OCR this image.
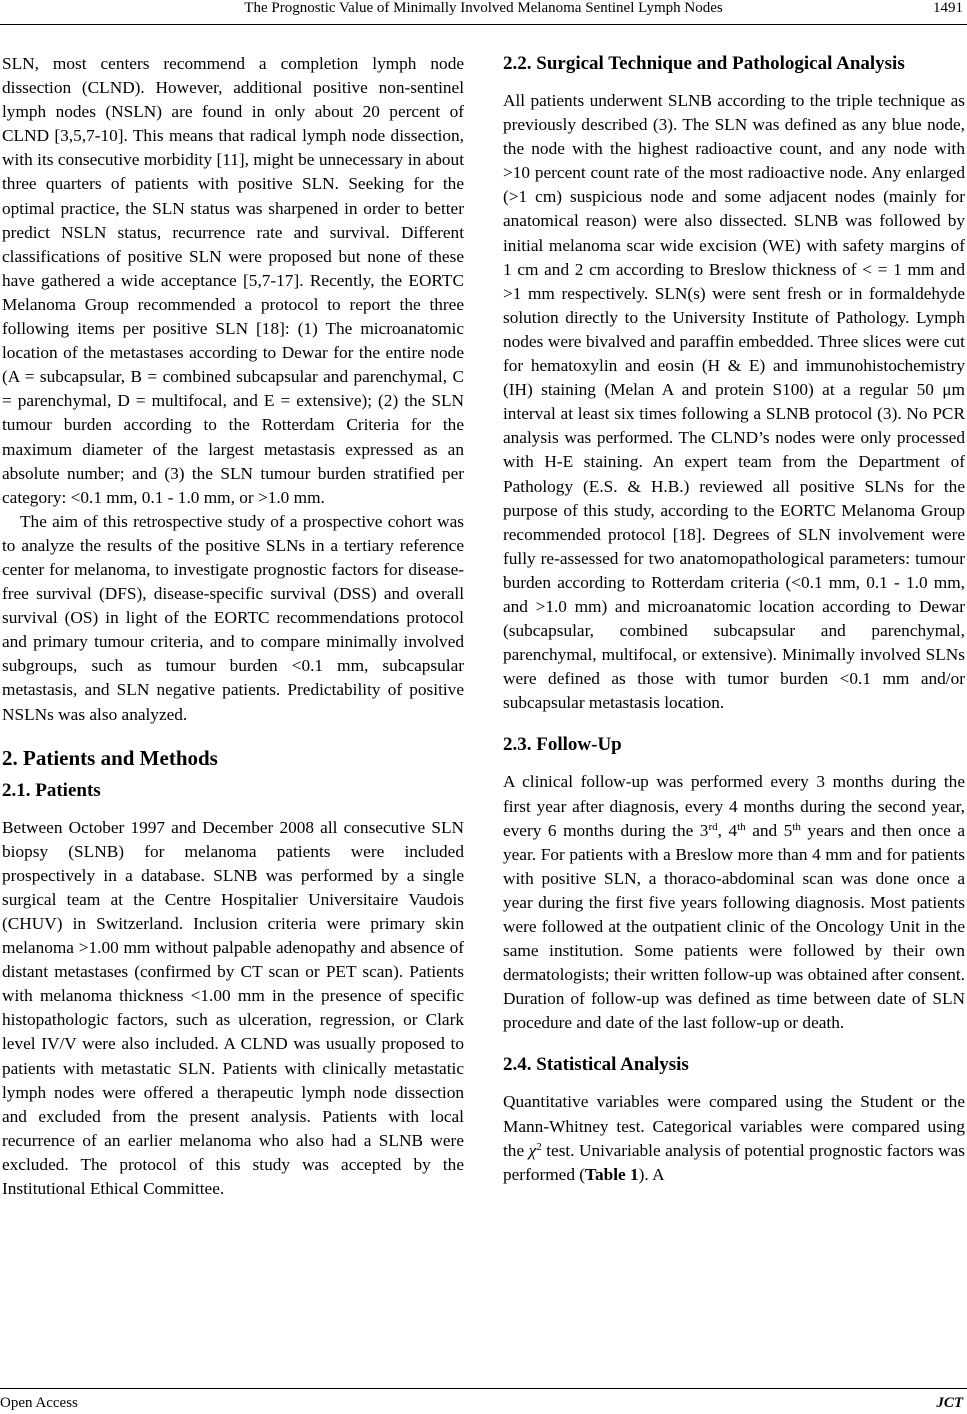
The Prognostic Value of Minimally Involved Melanoma Sentinel Lymph Nodes	1491

SLN, most centers recommend a completion lymph node dissection (CLND). However, additional positive non-sentinel lymph nodes (NSLN) are found in only about 20 percent of CLND [3,5,7-10]. This means that radical lymph node dissection, with its consecutive morbidity [11], might be unnecessary in about three quarters of patients with positive SLN. Seeking for the optimal practice, the SLN status was sharpened in order to better predict NSLN status, recurrence rate and survival. Different classifications of positive SLN were proposed but none of these have gathered a wide acceptance [5,7-17]. Recently, the EORTC Melanoma Group recommended a protocol to report the three following items per positive SLN [18]: (1) The microanatomic location of the metastases according to Dewar for the entire node (A = subcapsular, B = combined subcapsular and parenchymal, C = parenchymal, D = multifocal, and E = extensive); (2) the SLN tumour burden according to the Rotterdam Criteria for the maximum diameter of the largest metastasis expressed as an absolute number; and (3) the SLN tumour burden stratified per category: <0.1 mm, 0.1 - 1.0 mm, or >1.0 mm.

The aim of this retrospective study of a prospective cohort was to analyze the results of the positive SLNs in a tertiary reference center for melanoma, to investigate prognostic factors for disease-free survival (DFS), disease-specific survival (DSS) and overall survival (OS) in light of the EORTC recommendations protocol and primary tumour criteria, and to compare minimally involved subgroups, such as tumour burden <0.1 mm, subcapsular metastasis, and SLN negative patients. Predictability of positive NSLNs was also analyzed.

2. Patients and Methods
2.1. Patients

Between October 1997 and December 2008 all consecutive SLN biopsy (SLNB) for melanoma patients were included prospectively in a database. SLNB was performed by a single surgical team at the Centre Hospitalier Universitaire Vaudois (CHUV) in Switzerland. Inclusion criteria were primary skin melanoma >1.00 mm without palpable adenopathy and absence of distant metastases (confirmed by CT scan or PET scan). Patients with melanoma thickness <1.00 mm in the presence of specific histopathologic factors, such as ulceration, regression, or Clark level IV/V were also included. A CLND was usually proposed to patients with metastatic SLN. Patients with clinically metastatic lymph nodes were offered a therapeutic lymph node dissection and excluded from the present analysis. Patients with local recurrence of an earlier melanoma who also had a SLNB were excluded. The protocol of this study was accepted by the Institutional Ethical Committee.

2.2. Surgical Technique and Pathological Analysis

All patients underwent SLNB according to the triple technique as previously described (3). The SLN was defined as any blue node, the node with the highest radioactive count, and any node with >10 percent count rate of the most radioactive node. Any enlarged (>1 cm) suspicious node and some adjacent nodes (mainly for anatomical reason) were also dissected. SLNB was followed by initial melanoma scar wide excision (WE) with safety margins of 1 cm and 2 cm according to Breslow thickness of < = 1 mm and >1 mm respectively. SLN(s) were sent fresh or in formaldehyde solution directly to the University Institute of Pathology. Lymph nodes were bivalved and paraffin embedded. Three slices were cut for hematoxylin and eosin (H & E) and immunohistochemistry (IH) staining (Melan A and protein S100) at a regular 50 μm interval at least six times following a SLNB protocol (3). No PCR analysis was performed. The CLND’s nodes were only processed with H-E staining. An expert team from the Department of Pathology (E.S. & H.B.) reviewed all positive SLNs for the purpose of this study, according to the EORTC Melanoma Group recommended protocol [18]. Degrees of SLN involvement were fully re-assessed for two anatomopathological parameters: tumour burden according to Rotterdam criteria (<0.1 mm, 0.1 - 1.0 mm, and >1.0 mm) and microanatomic location according to Dewar (subcapsular, combined subcapsular and parenchymal, parenchymal, multifocal, or extensive). Minimally involved SLNs were defined as those with tumor burden <0.1 mm and/or subcapsular metastasis location.

2.3. Follow-Up

A clinical follow-up was performed every 3 months during the first year after diagnosis, every 4 months during the second year, every 6 months during the 3rd, 4th and 5th years and then once a year. For patients with a Breslow more than 4 mm and for patients with positive SLN, a thoraco-abdominal scan was done once a year during the first five years following diagnosis. Most patients were followed at the outpatient clinic of the Oncology Unit in the same institution. Some patients were followed by their own dermatologists; their written follow-up was obtained after consent. Duration of follow-up was defined as time between date of SLN procedure and date of the last follow-up or death.

2.4. Statistical Analysis

Quantitative variables were compared using the Student or the Mann-Whitney test. Categorical variables were compared using the $\chi^2$ test. Univariable analysis of potential prognostic factors was performed (Table 1). A

Open Access	JCT
